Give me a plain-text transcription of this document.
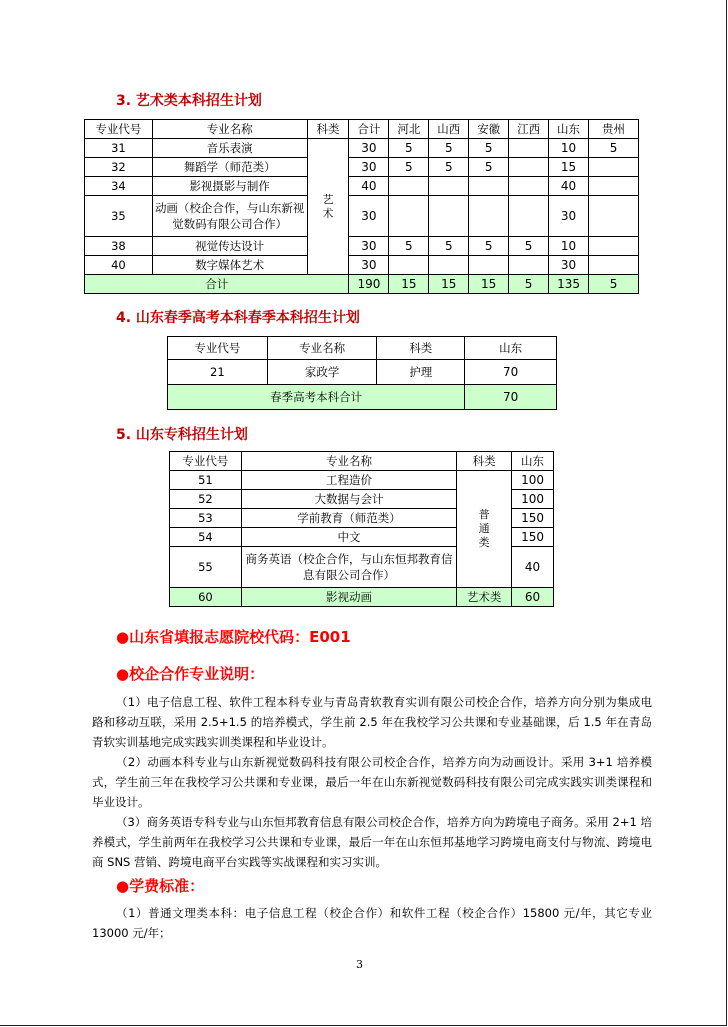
3. 艺术类本科招生计划
专业代号	专业名称	科类	合计	河北	山西	安徽	江西	山东	贵州
31	音乐表演	艺术	30	5	5	5		10	5
32	舞蹈学（师范类）		30	5	5	5		15	
34	影视摄影与制作		40					40	
35	动画（校企合作，与山东新视觉数码有限公司合作）		30					30	
38	视觉传达设计		30	5	5	5	5	10	
40	数字媒体艺术		30					30	
合计			190	15	15	15	5	135	5
4. 山东春季高考本科春季本科招生计划
专业代号	专业名称	科类	山东
21	家政学	护理	70
春季高考本科合计			70
5. 山东专科招生计划
专业代号	专业名称	科类	山东
51	工程造价	普通类	100
52	大数据与会计		100
53	学前教育（师范类）		150
54	中文		150
55	商务英语（校企合作，与山东恒邦教育信息有限公司合作）		40
60	影视动画	艺术类	60
●山东省填报志愿院校代码：E001
●校企合作专业说明：

（1）电子信息工程、软件工程本科专业与青岛青软教育实训有限公司校企合作，培养方向分别为集成电路和移动互联，采用 2.5+1.5 的培养模式，学生前 2.5 年在我校学习公共课和专业基础课，后 1.5 年在青岛青软实训基地完成实践实训类课程和毕业设计。

（2）动画本科专业与山东新视觉数码科技有限公司校企合作，培养方向为动画设计。采用 3+1 培养模式，学生前三年在我校学习公共课和专业课，最后一年在山东新视觉数码科技有限公司完成实践实训类课程和毕业设计。

（3）商务英语专科专业与山东恒邦教育信息有限公司校企合作，培养方向为跨境电子商务。采用 2+1 培养模式，学生前两年在我校学习公共课和专业课，最后一年在山东恒邦基地学习跨境电商支付与物流、跨境电商 SNS 营销、跨境电商平台实践等实战课程和实习实训。

●学费标准：

（1）普通文理类本科：电子信息工程（校企合作）和软件工程（校企合作）15800 元/年，其它专业 13000 元/年；

3
